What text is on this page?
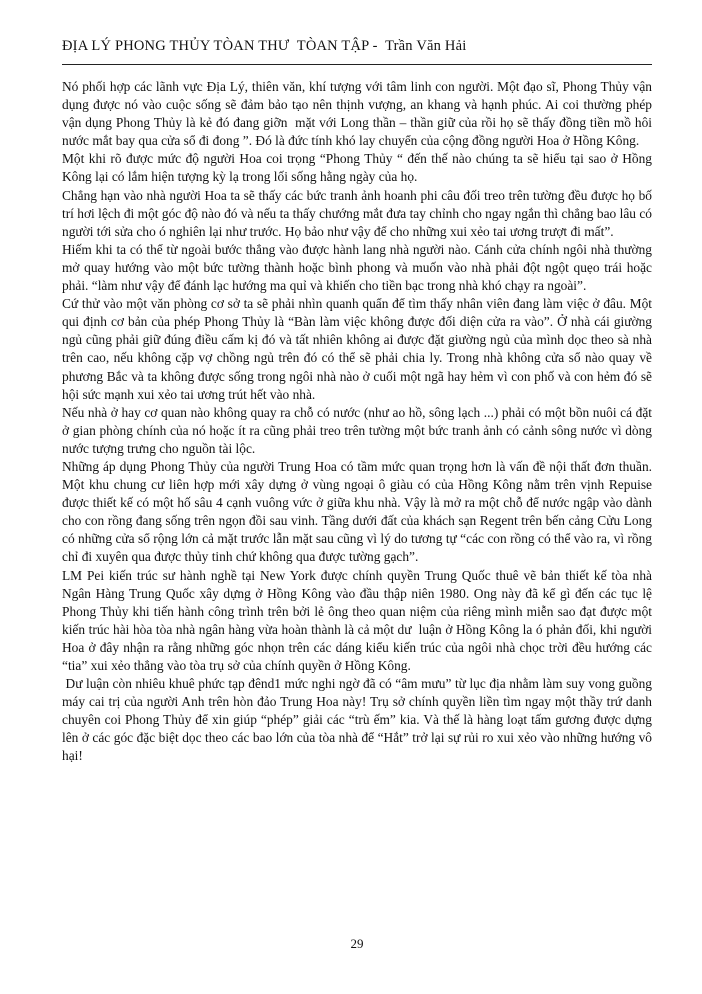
ĐỊA LÝ PHONG THỦY TÒAN THƯ  TÒAN TẬP -  Trần Văn Hải

Nó phối hợp các lãnh vực Địa Lý, thiên văn, khí tượng với tâm linh con người. Một đạo sĩ, Phong Thủy vận dụng được nó vào cuộc sống sẽ đảm bảo tạo nên thịnh vượng, an khang và hạnh phúc. Ai coi thường phép vận dụng Phong Thủy là kẻ đó đang giỡn  mặt với Long thần – thần giữ của rồi họ sẽ thấy đồng tiền mồ hôi nước mắt bay qua cửa sổ đi đong ”. Đó là đức tính khó lay chuyển của cộng đồng người Hoa ở Hồng Kông.

Một khi rõ được mức độ người Hoa coi trọng “Phong Thủy “ đến thế nào chúng ta sẽ hiểu tại sao ở Hồng Kông lại có lắm hiện tượng kỳ lạ trong lối sống hằng ngày của họ.

Chẳng hạn vào nhà người Hoa ta sẽ thấy các bức tranh ảnh hoanh phi câu đối treo trên tường đều được họ bố trí hơi lệch đi một góc độ nào đó và nếu ta thấy chướng mắt đưa tay chỉnh cho ngay ngắn thì chẳng bao lâu có người tới sửa cho ó nghiên lại như trước. Họ bảo như vậy để cho những xui xẻo tai ương trượt đi mất”.

Hiếm khi ta có thể từ ngoài bước thẳng vào được hành lang nhà người nào. Cánh cửa chính ngôi nhà thường mở quay hướng vào một bức tường thành hoặc bình phong và muốn vào nhà phải đột ngột quẹo trái hoặc phải. “làm như vậy để đánh lạc hướng ma quỉ và khiến cho tiền bạc trong nhà khó chạy ra ngoài”.

Cứ thử vào một văn phòng cơ sở ta sẽ phải nhìn quanh quẩn để tìm thấy nhân viên đang làm việc ở đâu. Một qui định cơ bản của phép Phong Thủy là “Bàn làm việc không được đối diện cửa ra vào”. Ở nhà cái giường ngủ cũng phải giữ đúng điều cấm kị đó và tất nhiên không ai được đặt giường ngủ của mình dọc theo sà nhà trên cao, nếu không cặp vợ chồng ngủ trên đó có thể sẽ phải chia ly. Trong nhà không cửa sổ nào quay về phương Bắc và ta không được sống trong ngôi nhà nào ở cuối một ngã hay hẻm vì con phố và con hẻm đó sẽ hội sức mạnh xui xẻo tai ương trút hết vào nhà.

Nếu nhà ở hay cơ quan nào không quay ra chỗ có nước (như ao hồ, sông lạch ...) phải có một bồn nuôi cá đặt ở gian phòng chính của nó hoặc ít ra cũng phải treo trên tường một bức tranh ảnh có cảnh sông nước vì dòng nước tượng trưng cho nguồn tài lộc.

Những áp dụng Phong Thủy của người Trung Hoa có tầm mức quan trọng hơn là vấn đề nội thất đơn thuần. Một khu chung cư liên hợp mới xây dựng ở vùng ngoại ô giàu có của Hồng Kông nằm trên vịnh Repuise được thiết kế có một hố sâu 4 cạnh vuông vức ở giữa khu nhà. Vậy là mở ra một chỗ để nước ngập vào dành cho con rồng đang sống trên ngọn đồi sau vinh. Tầng dưới đất của khách sạn Regent trên bến cảng Cửu Long có những cửa sổ rộng lớn cả mặt trước lẫn mặt sau cũng vì lý do tương tự “các con rồng có thể vào ra, vì rồng chỉ đi xuyên qua được thủy tinh chứ không qua được tường gạch”.

LM Pei kiến trúc sư hành nghề tại New York được chính quyền Trung Quốc thuê vẽ bản thiết kế tòa nhà Ngân Hàng Trung Quốc xây dựng ở Hồng Kông vào đầu thập niên 1980. Ong này đã kể gì đến các tục lệ Phong Thủy khi tiến hành công trình trên bởi lẻ ông theo quan niệm của riêng mình miễn sao đạt được một kiến trúc hài hòa tòa nhà ngân hàng vừa hoàn thành là cả một dư  luận ở Hồng Kông la ó phản đối, khi người Hoa ở đây nhận ra rằng những góc nhọn trên các dáng kiểu kiến trúc của ngôi nhà chọc trời đều hướng các “tia” xui xẻo thẳng vào tòa trụ sở của chính quyền ở Hồng Kông.

Dư luận còn nhiêu khuê phức tạp đênd1 mức nghi ngờ đã có “âm mưu” từ lục địa nhằm làm suy vong guồng máy cai trị của người Anh trên hòn đảo Trung Hoa này! Trụ sở chính quyền liền tìm ngay một thầy trứ danh chuyên coi Phong Thủy để xin giúp “phép” giải các “trù ếm” kia. Và thế là hàng loạt tấm gương được dựng lên ở các góc đặc biệt dọc theo các bao lớn của tòa nhà để “Hắt” trở lại sự rủi ro xui xẻo vào những hướng vô hại!

29
